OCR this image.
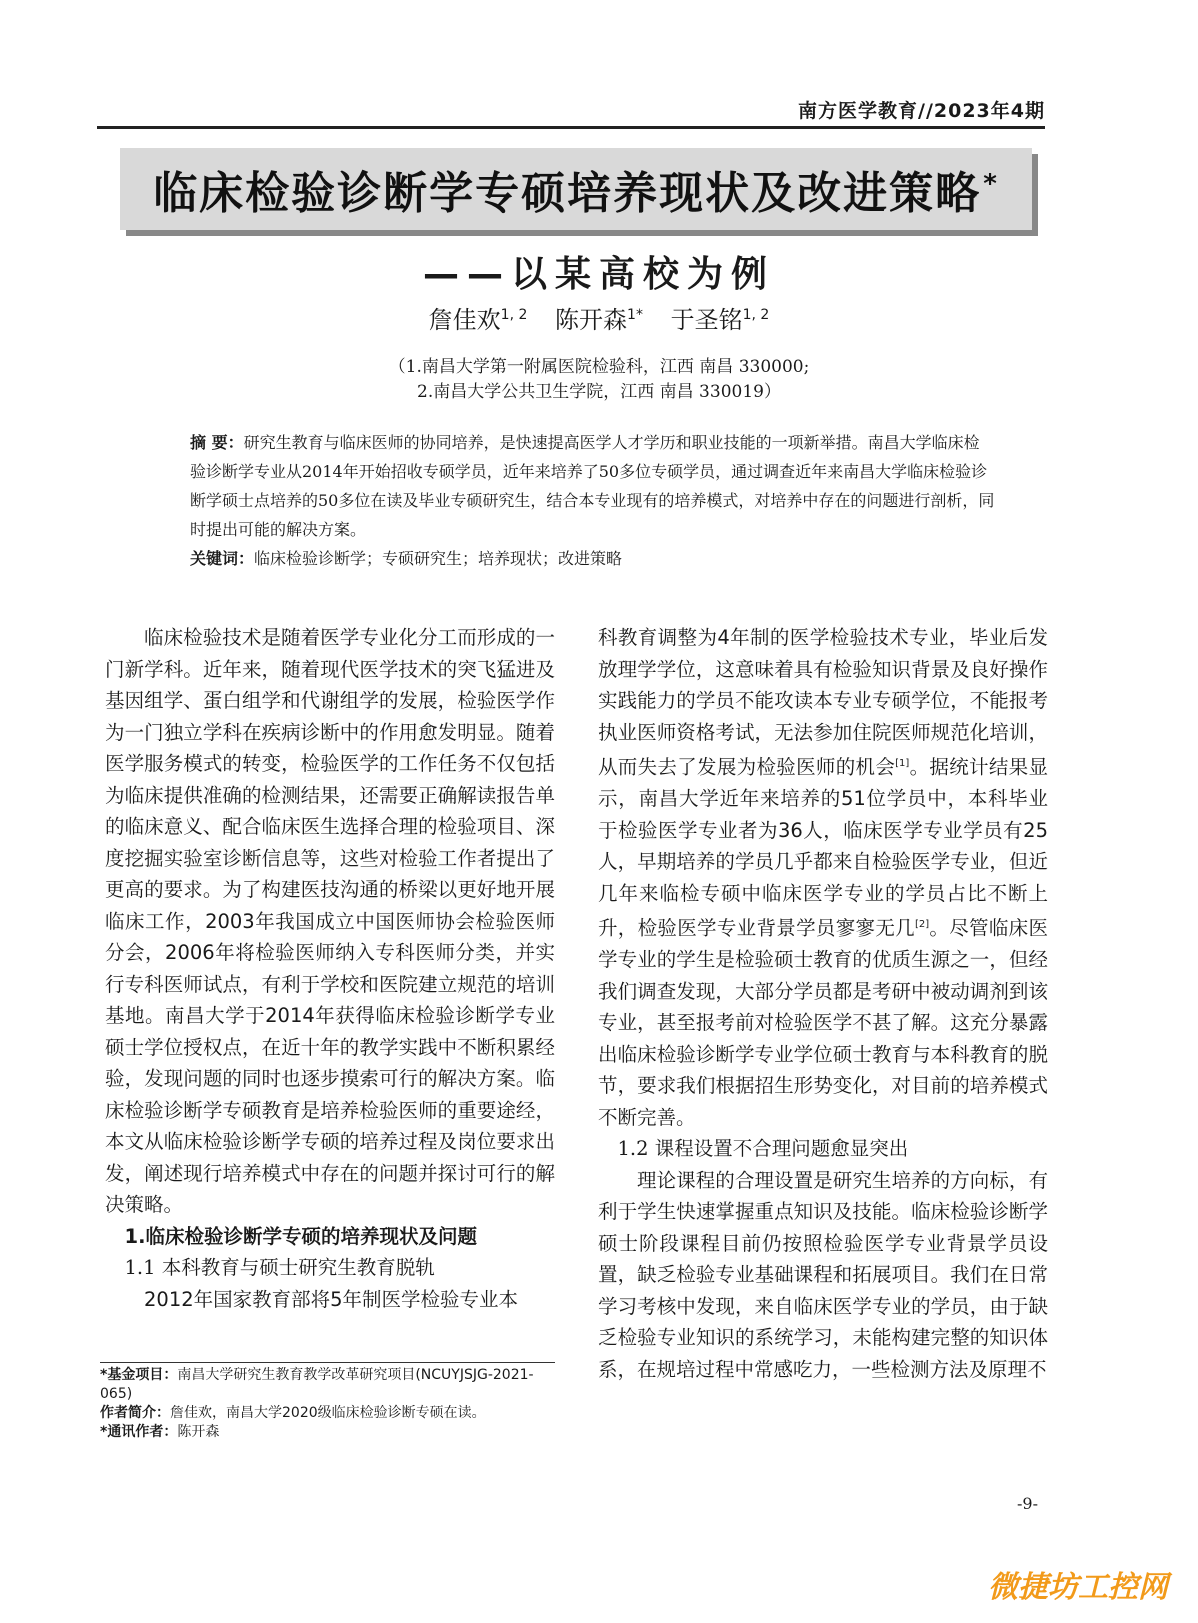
南方医学教育//2023年4期
临床检验诊断学专硕培养现状及改进策略*
——以某高校为例
詹佳欢$^{1, 2}$ 陈开森$^{1*}$ 于圣铭$^{1, 2}$
（1.南昌大学第一附属医院检验科，江西 南昌 330000;
2.南昌大学公共卫生学院，江西 南昌 330019）
摘 要：研究生教育与临床医师的协同培养，是快速提高医学人才学历和职业技能的一项新举措。南昌大学临床检验诊断学专业从2014年开始招收专硕学员，近年来培养了50多位专硕学员，通过调查近年来南昌大学临床检验诊断学硕士点培养的50多位在读及毕业专硕研究生，结合本专业现有的培养模式，对培养中存在的问题进行剖析，同时提出可能的解决方案。
关键词：临床检验诊断学；专硕研究生；培养现状；改进策略

临床检验技术是随着医学专业化分工而形成的一门新学科。近年来，随着现代医学技术的突飞猛进及基因组学、蛋白组学和代谢组学的发展，检验医学作为一门独立学科在疾病诊断中的作用愈发明显。随着医学服务模式的转变，检验医学的工作任务不仅包括为临床提供准确的检测结果，还需要正确解读报告单的临床意义、配合临床医生选择合理的检验项目、深度挖掘实验室诊断信息等，这些对检验工作者提出了更高的要求。为了构建医技沟通的桥梁以更好地开展临床工作，2003年我国成立中国医师协会检验医师分会，2006年将检验医师纳入专科医师分类，并实行专科医师试点，有利于学校和医院建立规范的培训基地。南昌大学于2014年获得临床检验诊断学专业硕士学位授权点，在近十年的教学实践中不断积累经验，发现问题的同时也逐步摸索可行的解决方案。临床检验诊断学专硕教育是培养检验医师的重要途经，本文从临床检验诊断学专硕的培养过程及岗位要求出发，阐述现行培养模式中存在的问题并探讨可行的解决策略。

1.临床检验诊断学专硕的培养现状及问题

1.1 本科教育与硕士研究生教育脱轨

2012年国家教育部将5年制医学检验专业本

科教育调整为4年制的医学检验技术专业，毕业后发放理学学位，这意味着具有检验知识背景及良好操作实践能力的学员不能攻读本专业专硕学位，不能报考执业医师资格考试，无法参加住院医师规范化培训，从而失去了发展为检验医师的机会[1]。据统计结果显示，南昌大学近年来培养的51位学员中，本科毕业于检验医学专业者为36人，临床医学专业学员有25人，早期培养的学员几乎都来自检验医学专业，但近几年来临检专硕中临床医学专业的学员占比不断上升，检验医学专业背景学员寥寥无几[2]。尽管临床医学专业的学生是检验硕士教育的优质生源之一，但经我们调查发现，大部分学员都是考研中被动调剂到该专业，甚至报考前对检验医学不甚了解。这充分暴露出临床检验诊断学专业学位硕士教育与本科教育的脱节，要求我们根据招生形势变化，对目前的培养模式不断完善。

1.2 课程设置不合理问题愈显突出

理论课程的合理设置是研究生培养的方向标，有利于学生快速掌握重点知识及技能。临床检验诊断学硕士阶段课程目前仍按照检验医学专业背景学员设置，缺乏检验专业基础课程和拓展项目。我们在日常学习考核中发现，来自临床医学专业的学员，由于缺乏检验专业知识的系统学习，未能构建完整的知识体系，在规培过程中常感吃力，一些检测方法及原理不

*基金项目：南昌大学研究生教育教学改革研究项目(NCUYJSJG-2021-065)

作者简介：詹佳欢，南昌大学2020级临床检验诊断专硕在读。

*通讯作者：陈开森

-9-
微捷坊工控网
